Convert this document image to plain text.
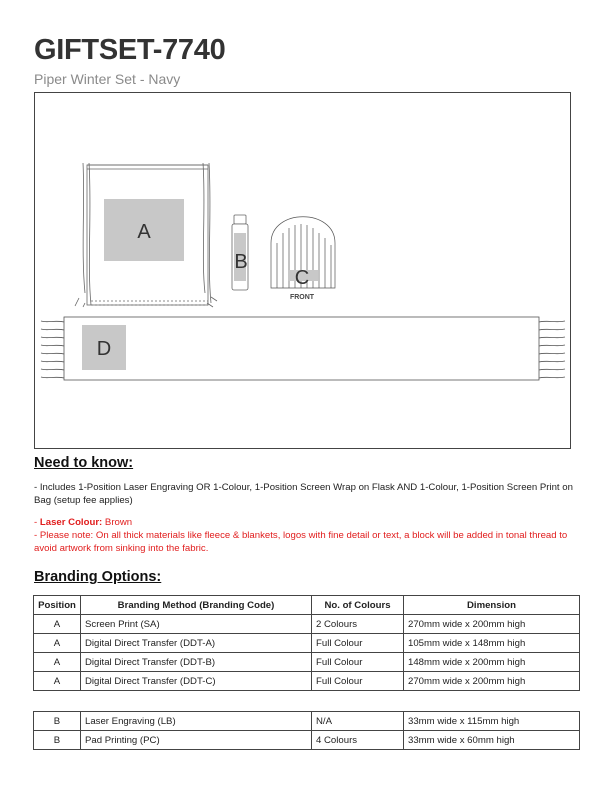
GIFTSET-7740
Piper Winter Set - Navy
A
B
C
FRONT
D
Need to know:
- Includes 1-Position Laser Engraving OR 1-Colour, 1-Position Screen Wrap on Flask AND 1-Colour, 1-Position Screen Print on Bag (setup fee applies)
- Laser Colour: Brown
- Please note: On all thick materials like fleece & blankets, logos with fine detail or text, a block will be added in tonal thread to avoid artwork from sinking into the fabric.
Branding Options:
Position	Branding Method (Branding Code)	No. of Colours	Dimension
A	Screen Print (SA)	2 Colours	270mm wide x 200mm high
A	Digital Direct Transfer (DDT-A)	Full Colour	105mm wide x 148mm high
A	Digital Direct Transfer (DDT-B)	Full Colour	148mm wide x 200mm high
A	Digital Direct Transfer (DDT-C)	Full Colour	270mm wide x 200mm high
B	Laser Engraving (LB)	N/A	33mm wide x 115mm high
B	Pad Printing (PC)	4 Colours	33mm wide x 60mm high
